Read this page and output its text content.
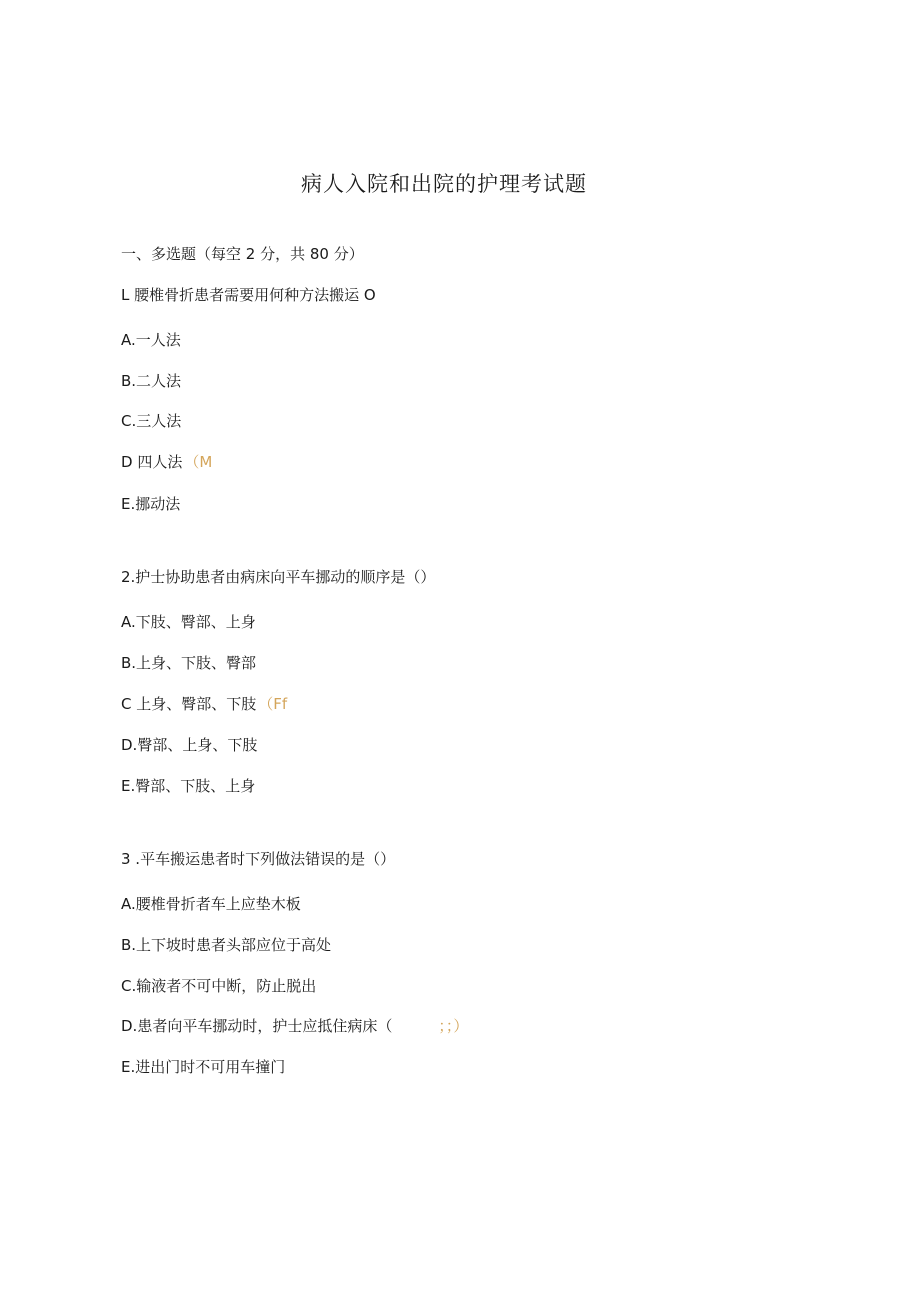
病人入院和出院的护理考试题
一、多选题（每空 2 分，共 80 分）
L 腰椎骨折患者需要用何种方法搬运 O
A.一人法
B.二人法
C.三人法
D 四人法 （M
E.挪动法
2.护士协助患者由病床向平车挪动的顺序是（）
A.下肢、臀部、上身
B.上身、下肢、臀部
C 上身、臀部、下肢 （Ff
D.臀部、上身、下肢
E.臀部、下肢、上身
3 .平车搬运患者时下列做法错误的是（）
A.腰椎骨折者车上应垫木板
B.上下坡时患者头部应位于高处
C.输液者不可中断，防止脱出
D.患者向平车挪动时，护士应抵住病床（	；；）
E.进出门时不可用车撞门
